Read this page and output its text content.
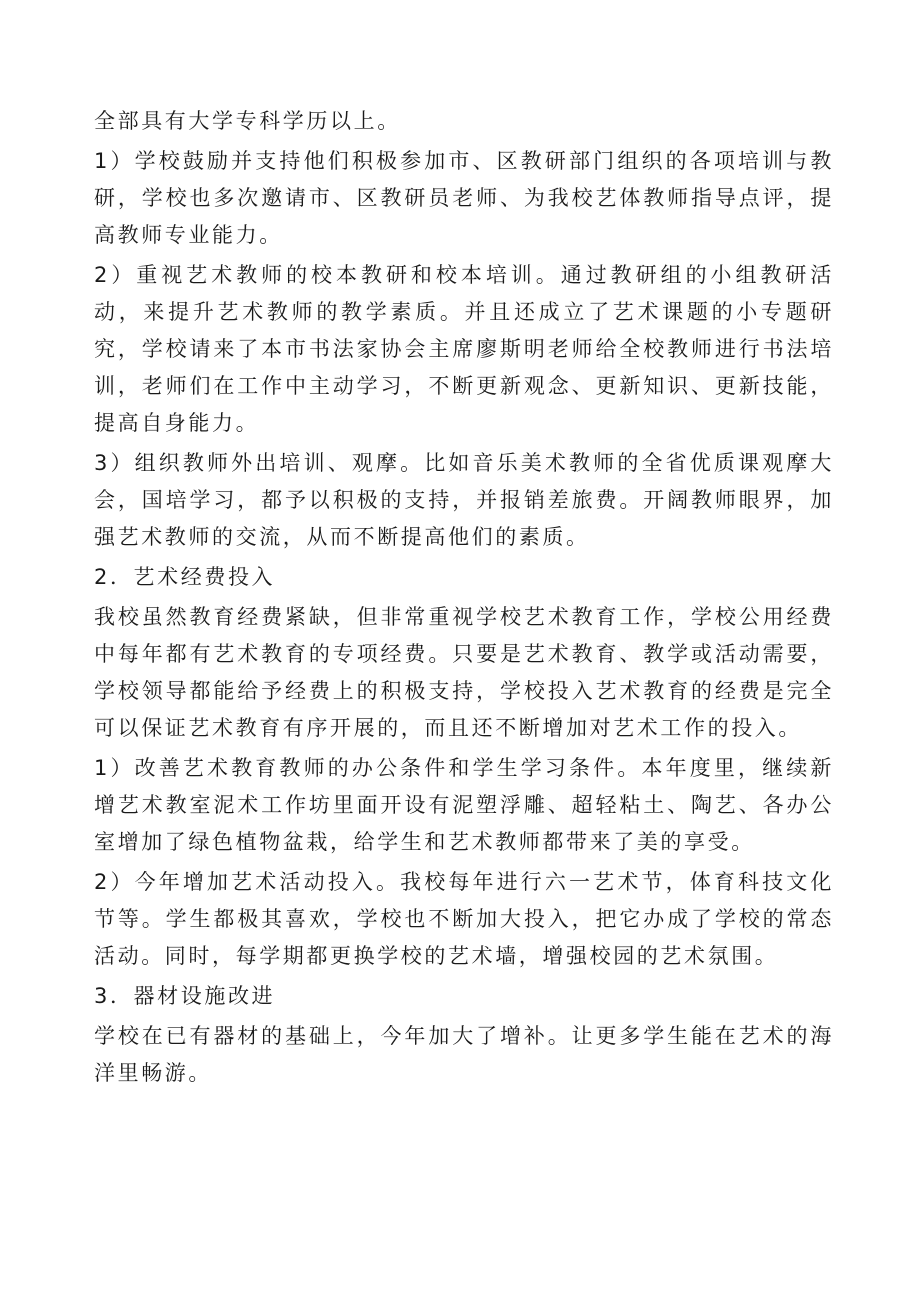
全部具有大学专科学历以上。

1）学校鼓励并支持他们积极参加市、区教研部门组织的各项培训与教研，学校也多次邀请市、区教研员老师、为我校艺体教师指导点评，提高教师专业能力。

2）重视艺术教师的校本教研和校本培训。通过教研组的小组教研活动，来提升艺术教师的教学素质。并且还成立了艺术课题的小专题研究，学校请来了本市书法家协会主席廖斯明老师给全校教师进行书法培训，老师们在工作中主动学习，不断更新观念、更新知识、更新技能，提高自身能力。

3）组织教师外出培训、观摩。比如音乐美术教师的全省优质课观摩大会，国培学习，都予以积极的支持，并报销差旅费。开阔教师眼界，加强艺术教师的交流，从而不断提高他们的素质。

2．艺术经费投入

我校虽然教育经费紧缺，但非常重视学校艺术教育工作，学校公用经费中每年都有艺术教育的专项经费。只要是艺术教育、教学或活动需要，学校领导都能给予经费上的积极支持，学校投入艺术教育的经费是完全可以保证艺术教育有序开展的，而且还不断增加对艺术工作的投入。

1）改善艺术教育教师的办公条件和学生学习条件。本年度里，继续新增艺术教室泥术工作坊里面开设有泥塑浮雕、超轻粘土、陶艺、各办公室增加了绿色植物盆栽，给学生和艺术教师都带来了美的享受。

2）今年增加艺术活动投入。我校每年进行六一艺术节，体育科技文化节等。学生都极其喜欢，学校也不断加大投入，把它办成了学校的常态活动。同时，每学期都更换学校的艺术墙，增强校园的艺术氛围。

3．器材设施改进

学校在已有器材的基础上，今年加大了增补。让更多学生能在艺术的海洋里畅游。
